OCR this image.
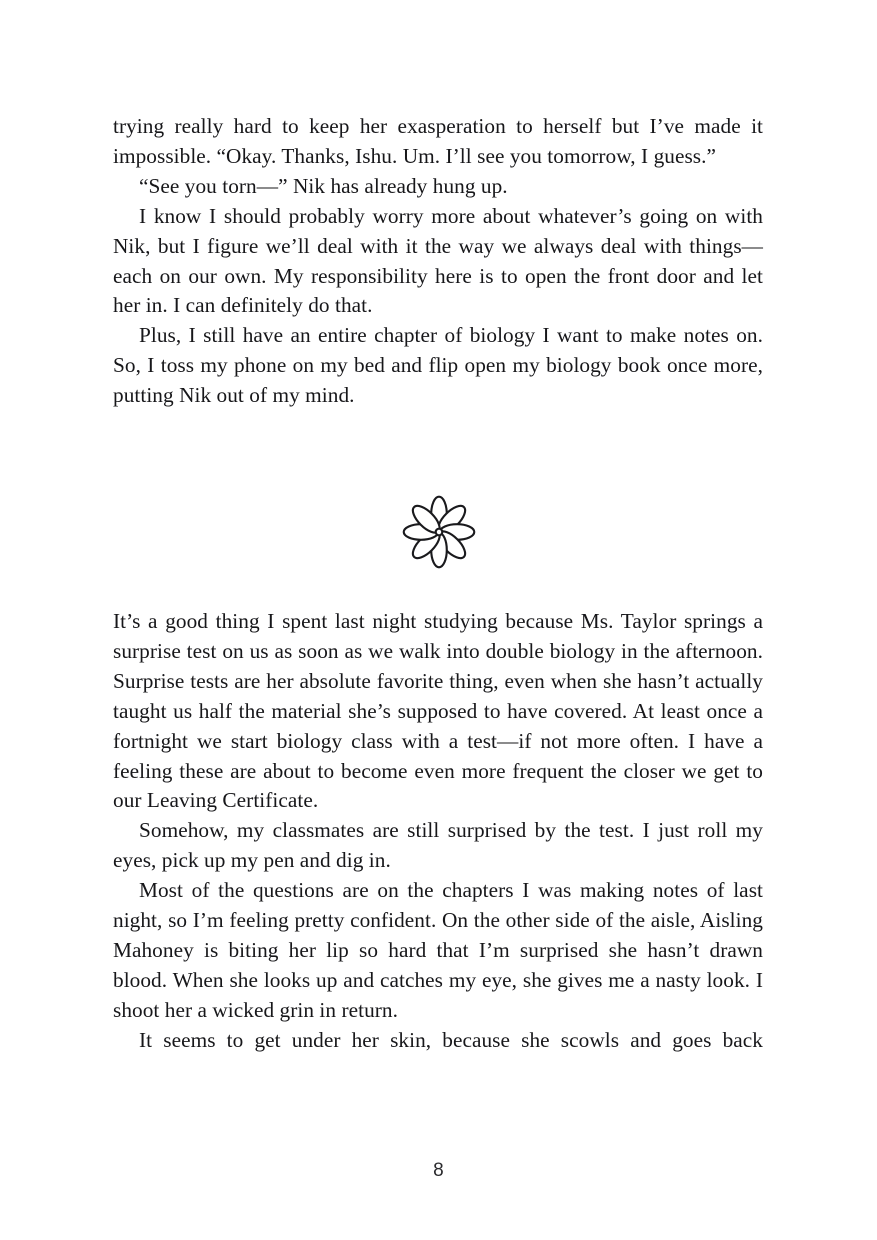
trying really hard to keep her exasperation to herself but I’ve made it impossible. “Okay. Thanks, Ishu. Um. I’ll see you tomorrow, I guess.”

“See you torn—” Nik has already hung up.

I know I should probably worry more about whatever’s going on with Nik, but I figure we’ll deal with it the way we always deal with things—each on our own. My responsibility here is to open the front door and let her in. I can definitely do that.

Plus, I still have an entire chapter of biology I want to make notes on. So, I toss my phone on my bed and flip open my biology book once more, putting Nik out of my mind.

It’s a good thing I spent last night studying because Ms. Taylor springs a surprise test on us as soon as we walk into double biology in the afternoon. Surprise tests are her absolute favorite thing, even when she hasn’t actually taught us half the material she’s supposed to have covered. At least once a fortnight we start biology class with a test—if not more often. I have a feeling these are about to become even more frequent the closer we get to our Leaving Certificate.

Somehow, my classmates are still surprised by the test. I just roll my eyes, pick up my pen and dig in.

Most of the questions are on the chapters I was making notes of last night, so I’m feeling pretty confident. On the other side of the aisle, Aisling Mahoney is biting her lip so hard that I’m surprised she hasn’t drawn blood. When she looks up and catches my eye, she gives me a nasty look. I shoot her a wicked grin in return.

It seems to get under her skin, because she scowls and goes back

8
